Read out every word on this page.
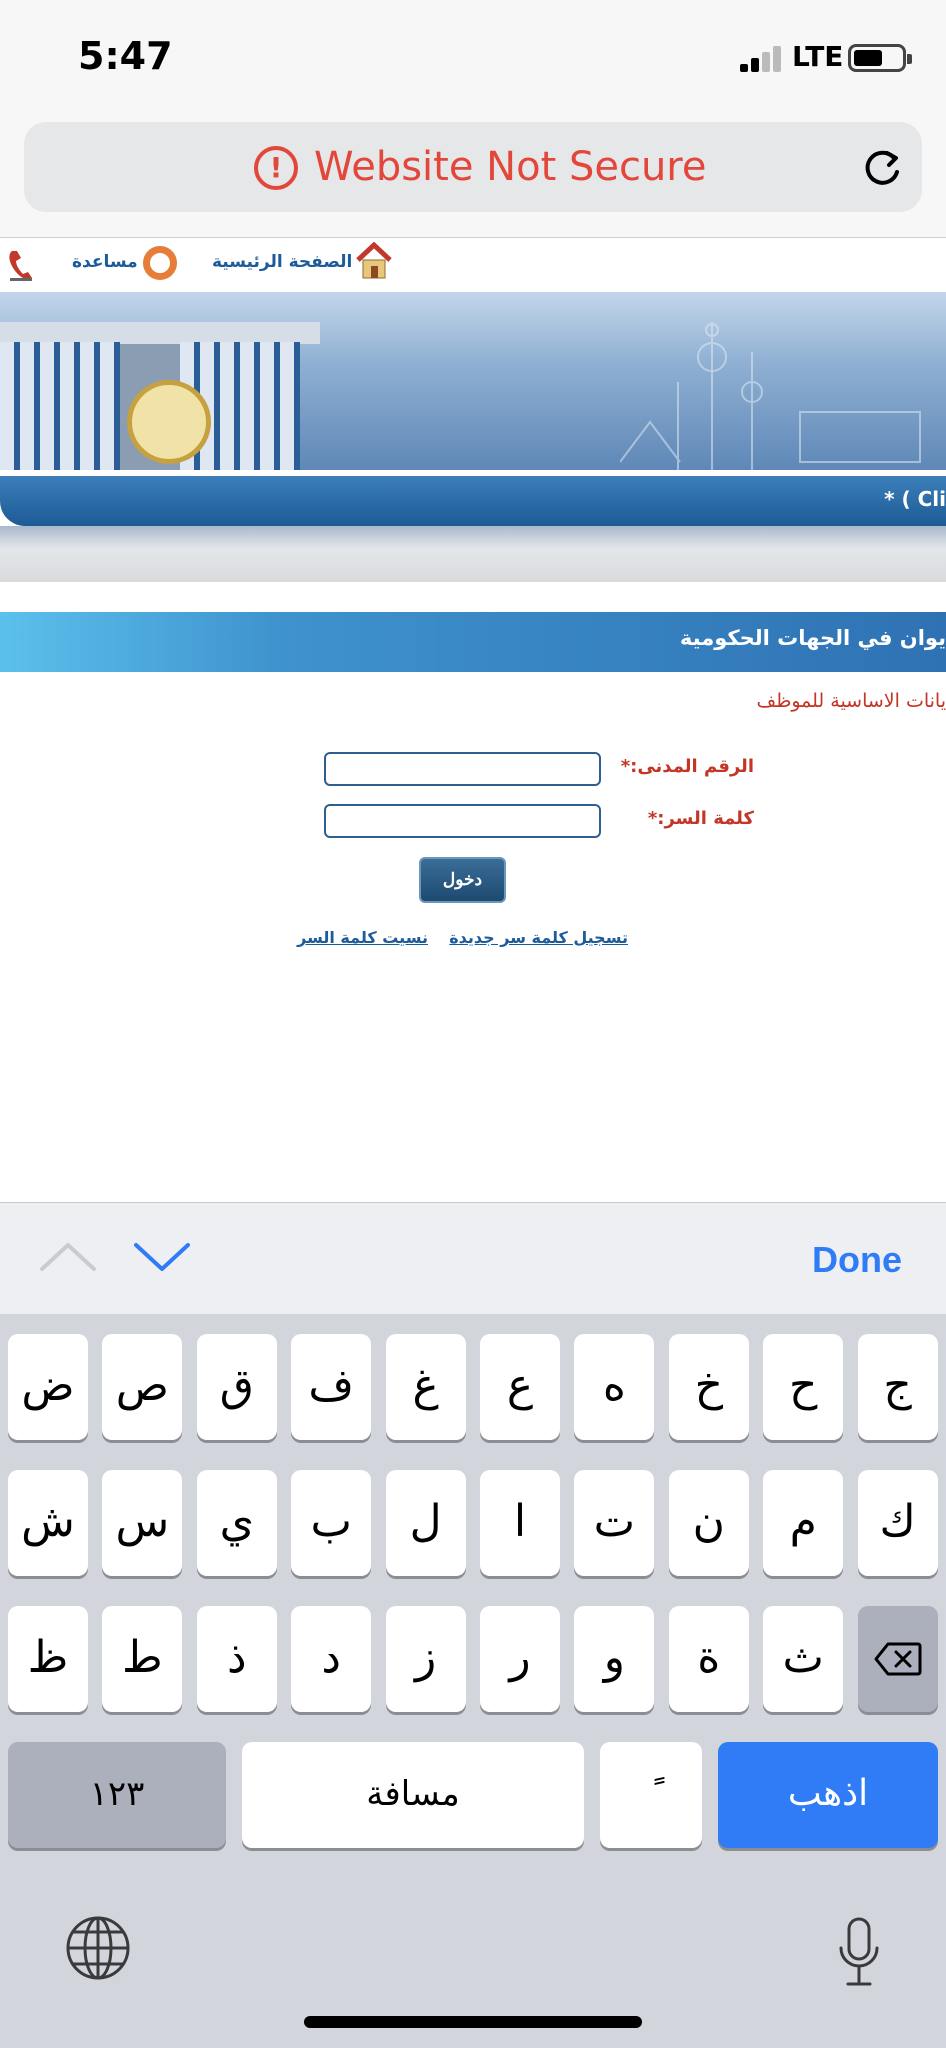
5:47	LTE
! Website Not Secure
مساعدة	الصفحة الرئيسية
* ( Cli
يوان في الجهات الحكومية
يانات الاساسية للموظف
الرقم المدنى:*
كلمة السر:*
دخول
تسجيل كلمة سر جديدة
نسيت كلمة السر
Done
١٢٣	مسافة	اذهب
ض ص	ق	ف	غ	ع	ه	خ	ح	ج
ش س	ي	ب	ل	ا	ت	ن	م	ك
ظ	ط	ذ	د	ز	ر	و	ة	ث
